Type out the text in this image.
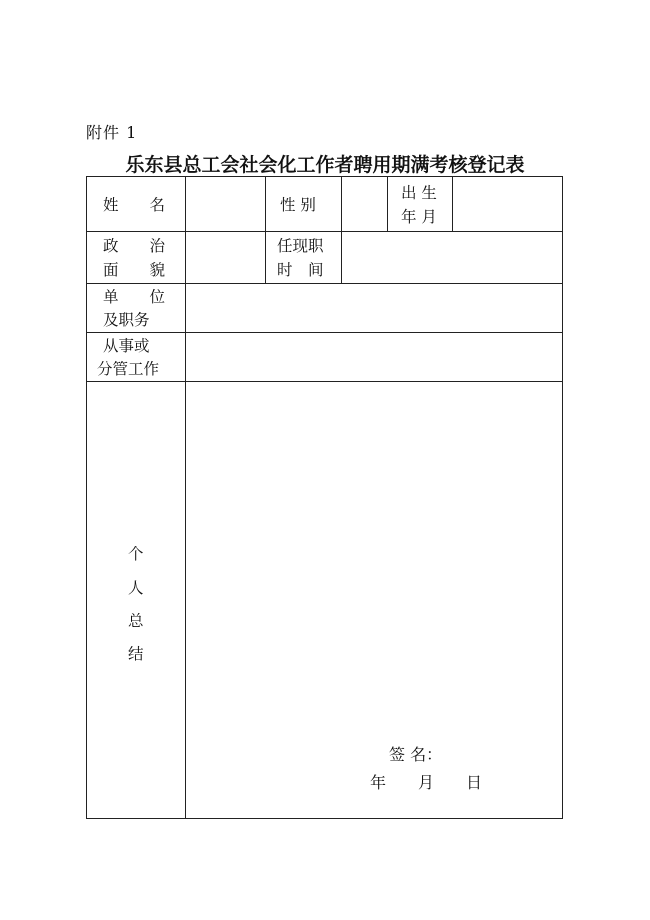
附件 1
乐东县总工会社会化工作者聘用期满考核登记表
姓　　名	性 别
出 生
年 月
政　　治
面　　貌
任现职
时　间
单　　位
及职务
从事或
分管工作
个
人
总
结
签 名：
年　　月　　日
